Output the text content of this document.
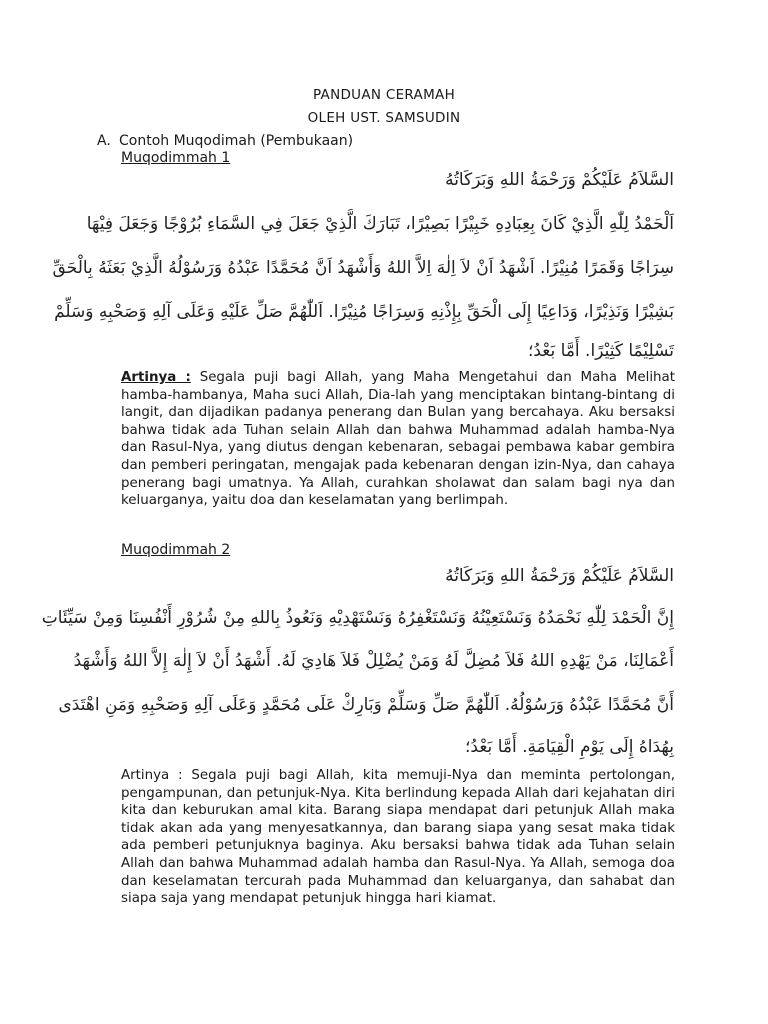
PANDUAN CERAMAH
OLEH UST. SAMSUDIN
A. Contoh Muqodimah (Pembukaan)
Muqodimmah 1
السَّلاَمُ عَلَيْكُمْ وَرَحْمَةُ اللهِ وَبَرَكَاتُهُ
اَلْحَمْدُ لِلّٰهِ الَّذِيْ كَانَ بِعِبَادِهِ خَبِيْرًا بَصِيْرًا، تَبَارَكَ الَّذِيْ جَعَلَ فِي السَّمَاءِ بُرُوْجًا وَجَعَلَ فِيْهَا
سِرَاجًا وَقَمَرًا مُنِيْرًا. اَشْهَدُ اَنْ لاَ اِلٰهَ اِلاَّ اللهُ وَأَشْهَدُ اَنَّ مُحَمَّدًا عَبْدُهُ وَرَسُوْلُهُ الَّذِيْ بَعَثَهُ بِالْحَقِّ
بَشِيْرًا وَنَذِيْرًا، وَدَاعِيًا إِلَى الْحَقِّ بِإِذْنِهِ وَسِرَاجًا مُنِيْرًا. اَللّٰهُمَّ صَلِّ عَلَيْهِ وَعَلَى آلِهِ وَصَحْبِهِ وَسَلِّمْ
تَسْلِيْمًا كَثِيْرًا. أَمَّا بَعْدُ؛
Artinya : Segala puji bagi Allah, yang Maha Mengetahui dan Maha Melihat hamba-hambanya, Maha suci Allah, Dia-lah yang menciptakan bintang-bintang di langit, dan dijadikan padanya penerang dan Bulan yang bercahaya. Aku bersaksi bahwa tidak ada Tuhan selain Allah dan bahwa Muhammad adalah hamba-Nya dan Rasul-Nya, yang diutus dengan kebenaran, sebagai pembawa kabar gembira dan pemberi peringatan, mengajak pada kebenaran dengan izin-Nya, dan cahaya penerang bagi umatnya. Ya Allah, curahkan sholawat dan salam bagi nya dan keluarganya, yaitu doa dan keselamatan yang berlimpah.
Muqodimmah 2
السَّلاَمُ عَلَيْكُمْ وَرَحْمَةُ اللهِ وَبَرَكَاتُهُ
إِنَّ الْحَمْدَ لِلّٰهِ نَحْمَدُهُ وَنَسْتَعِيْنُهُ وَنَسْتَغْفِرُهُ وَنَسْتَهْدِيْهِ وَنَعُوذُ بِاللهِ مِنْ شُرُوْرِ أَنْفُسِنَا وَمِنْ سَيِّئَاتِ
أَعْمَالِنَا، مَنْ يَهْدِهِ اللهُ فَلاَ مُضِلَّ لَهُ وَمَنْ يُضْلِلْ فَلاَ هَادِيَ لَهُ. أَشْهَدُ أَنْ لاَ إِلٰهَ إِلاَّ اللهُ وَأَشْهَدُ
أَنَّ مُحَمَّدًا عَبْدُهُ وَرَسُوْلُهُ. اَللّٰهُمَّ صَلِّ وَسَلِّمْ وَبَارِكْ عَلَى مُحَمَّدٍ وَعَلَى آلِهِ وَصَحْبِهِ وَمَنِ اهْتَدَى
بِهُدَاهُ إِلَى يَوْمِ الْقِيَامَةِ. أَمَّا بَعْدُ؛
Artinya : Segala puji bagi Allah, kita memuji-Nya dan meminta pertolongan, pengampunan, dan petunjuk-Nya. Kita berlindung kepada Allah dari kejahatan diri kita dan keburukan amal kita. Barang siapa mendapat dari petunjuk Allah maka tidak akan ada yang menyesatkannya, dan barang siapa yang sesat maka tidak ada pemberi petunjuknya baginya. Aku bersaksi bahwa tidak ada Tuhan selain Allah dan bahwa Muhammad adalah hamba dan Rasul-Nya. Ya Allah, semoga doa dan keselamatan tercurah pada Muhammad dan keluarganya, dan sahabat dan siapa saja yang mendapat petunjuk hingga hari kiamat.
